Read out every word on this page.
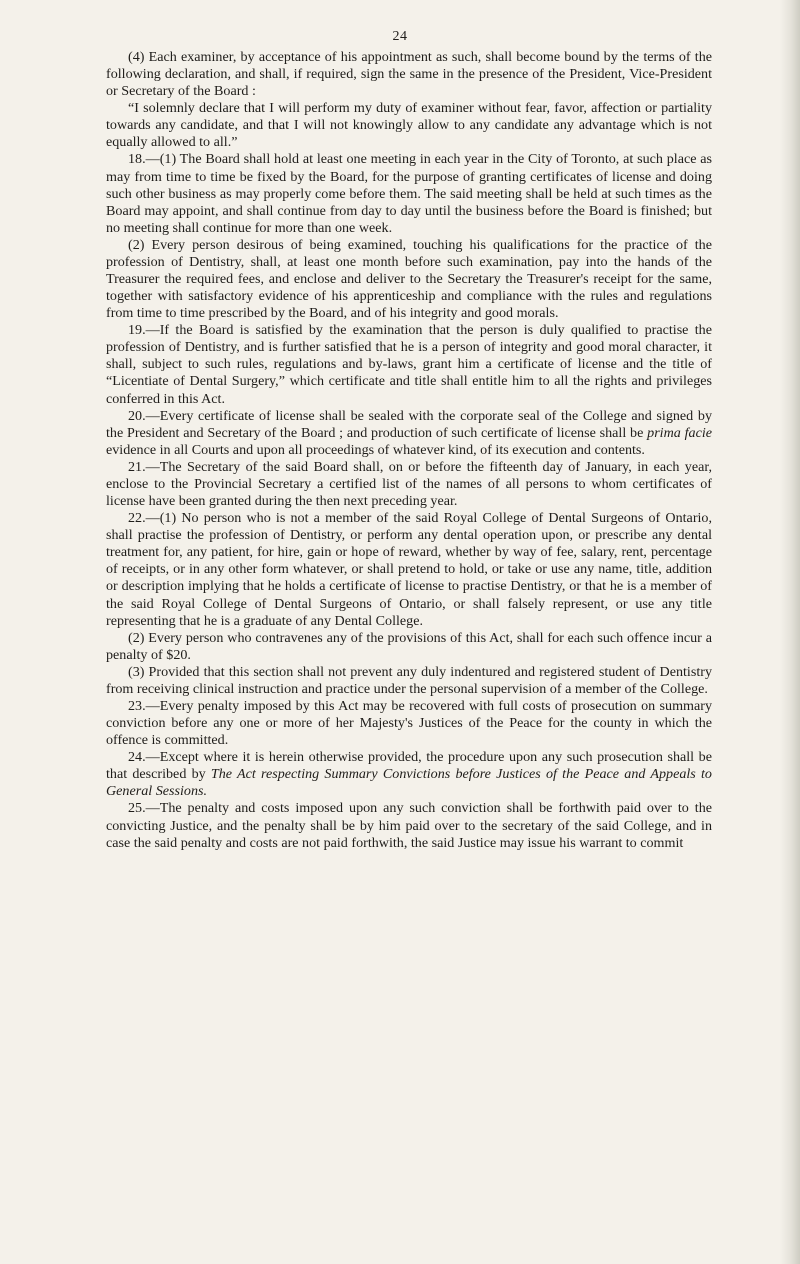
24

(4) Each examiner, by acceptance of his appointment as such, shall become bound by the terms of the following declaration, and shall, if required, sign the same in the presence of the President, Vice-President or Secretary of the Board :

“I solemnly declare that I will perform my duty of examiner without fear, favor, affection or partiality towards any candidate, and that I will not knowingly allow to any candidate any advantage which is not equally allowed to all.”

18.—(1) The Board shall hold at least one meeting in each year in the City of Toronto, at such place as may from time to time be fixed by the Board, for the purpose of granting certificates of license and doing such other business as may properly come before them. The said meeting shall be held at such times as the Board may appoint, and shall continue from day to day until the business before the Board is finished; but no meeting shall continue for more than one week.

(2) Every person desirous of being examined, touching his qualifications for the practice of the profession of Dentistry, shall, at least one month before such examination, pay into the hands of the Treasurer the required fees, and enclose and deliver to the Secretary the Treasurer's receipt for the same, together with satisfactory evidence of his apprenticeship and compliance with the rules and regulations from time to time prescribed by the Board, and of his integrity and good morals.

19.—If the Board is satisfied by the examination that the person is duly qualified to practise the profession of Dentistry, and is further satisfied that he is a person of integrity and good moral character, it shall, subject to such rules, regulations and by-laws, grant him a certificate of license and the title of “Licentiate of Dental Surgery,” which certificate and title shall entitle him to all the rights and privileges conferred in this Act.

20.—Every certificate of license shall be sealed with the corporate seal of the College and signed by the President and Secretary of the Board ; and production of such certificate of license shall be prima facie evidence in all Courts and upon all proceedings of whatever kind, of its execution and contents.

21.—The Secretary of the said Board shall, on or before the fifteenth day of January, in each year, enclose to the Provincial Secretary a certified list of the names of all persons to whom certificates of license have been granted during the then next preceding year.

22.—(1) No person who is not a member of the said Royal College of Dental Surgeons of Ontario, shall practise the profession of Dentistry, or perform any dental operation upon, or prescribe any dental treatment for, any patient, for hire, gain or hope of reward, whether by way of fee, salary, rent, percentage of receipts, or in any other form whatever, or shall pretend to hold, or take or use any name, title, addition or description implying that he holds a certificate of license to practise Dentistry, or that he is a member of the said Royal College of Dental Surgeons of Ontario, or shall falsely represent, or use any title representing that he is a graduate of any Dental College.

(2) Every person who contravenes any of the provisions of this Act, shall for each such offence incur a penalty of $20.

(3) Provided that this section shall not prevent any duly indentured and registered student of Dentistry from receiving clinical instruction and practice under the personal supervision of a member of the College.

23.—Every penalty imposed by this Act may be recovered with full costs of prosecution on summary conviction before any one or more of her Majesty's Justices of the Peace for the county in which the offence is committed.

24.—Except where it is herein otherwise provided, the procedure upon any such prosecution shall be that described by The Act respecting Summary Convictions before Justices of the Peace and Appeals to General Sessions.

25.—The penalty and costs imposed upon any such conviction shall be forthwith paid over to the convicting Justice, and the penalty shall be by him paid over to the secretary of the said College, and in case the said penalty and costs are not paid forthwith, the said Justice may issue his warrant to commit
